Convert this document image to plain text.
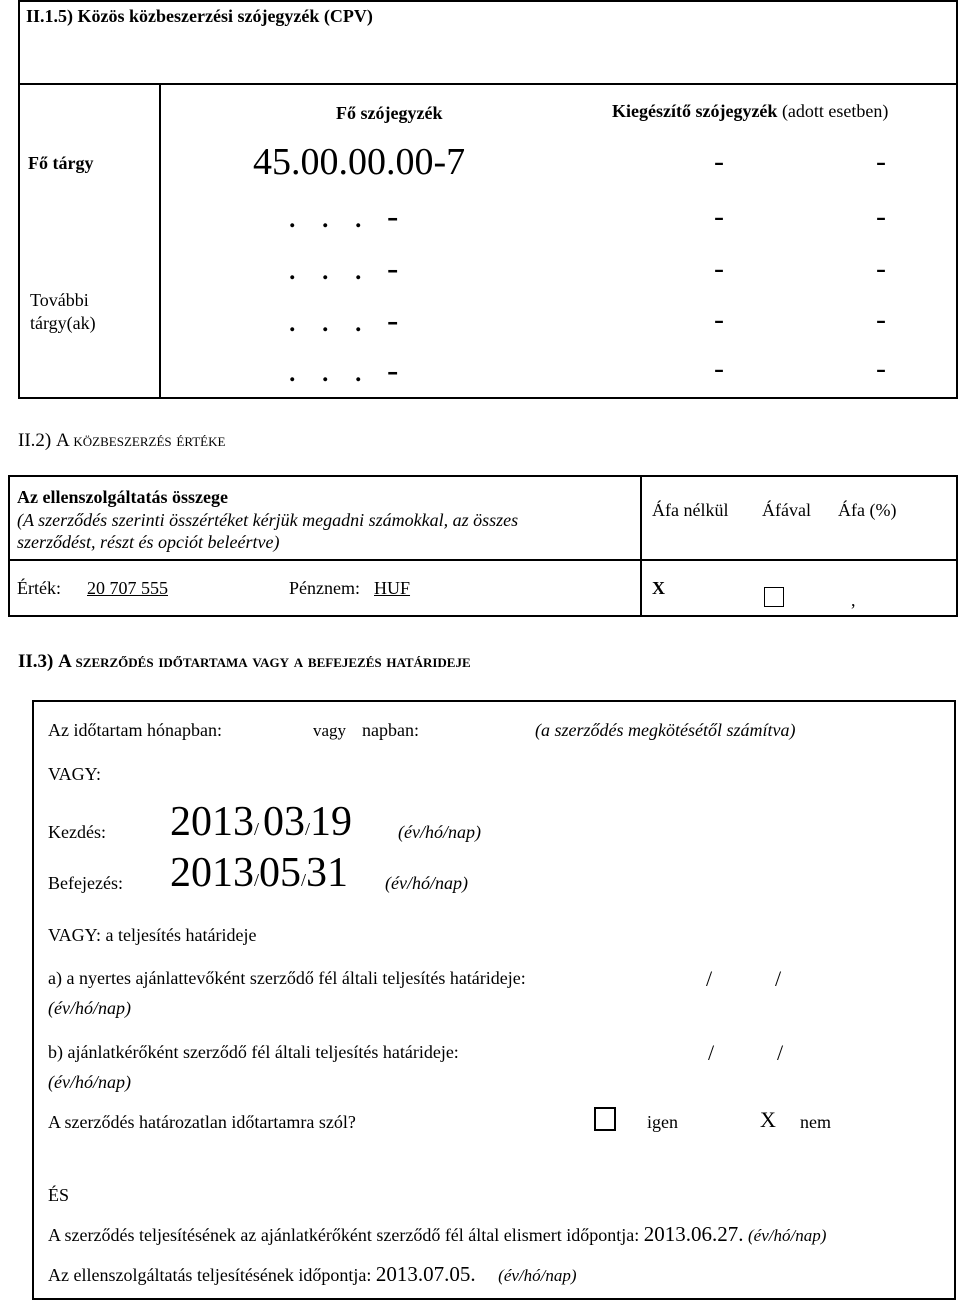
II.1.5) Közös közbeszerzési szójegyzék (CPV)
Fő szójegyzék	Kiegészítő szójegyzék (adott esetben)
Fő tárgy	45.00.00.00-7	-	-
További
tárgy(ak)
. . . -	-	-
. . . -	-	-
. . . -	-	-
. . . -	-	-
II.2) A közbeszerzés értéke
Az ellenszolgáltatás összege
(A szerződés szerinti összértéket kérjük megadni számokkal, az összes
szerződést, részt és opciót beleértve)
Áfa nélkül Áfával Áfa (%)
Érték: 20 707 555	Pénznem: HUF	X
,
II.3) A szerződés időtartama vagy a befejezés határideje
Az időtartam hónapban:	vagy napban:	(a szerződés megkötésétől számítva)
VAGY:
Kezdés: 2013/ 03/19	(év/hó/nap)
Befejezés: 2013/05/31 (év/hó/nap)
VAGY: a teljesítés határideje
a) a nyertes ajánlattevőként szerződő fél általi teljesítés határideje:	/	/
(év/hó/nap)
b) ajánlatkérőként szerződő fél általi teljesítés határideje:	/	/
(év/hó/nap)
A szerződés határozatlan időtartamra szól?	igen	X nem
ÉS
A szerződés teljesítésének az ajánlatkérőként szerződő fél által elismert időpontja: 2013.06.27. (év/hó/nap)
Az ellenszolgáltatás teljesítésének időpontja: 2013.07.05. (év/hó/nap)
